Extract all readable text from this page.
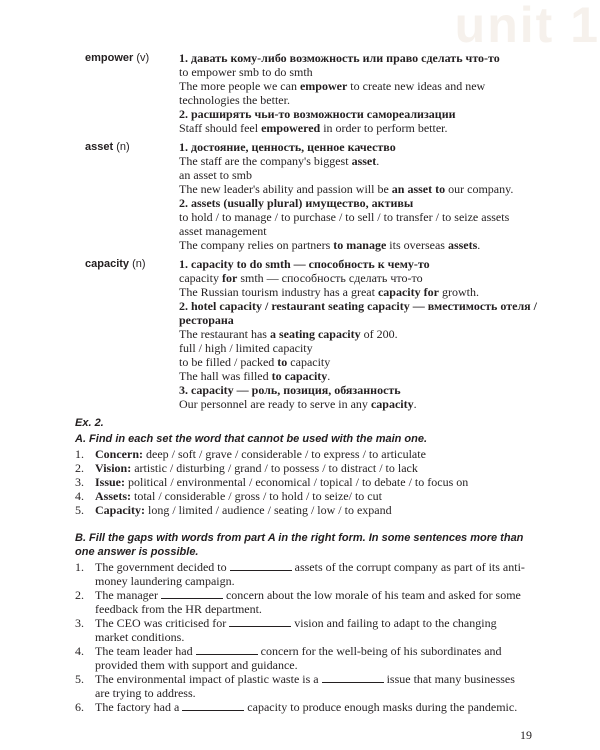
unit 1
empower (v) 1. давать кому-либо возможность или право сделать что-то
to empower smb to do smth
The more people we can empower to create new ideas and new
technologies the better.
2. расширять чьи-то возможности самореализации
Staff should feel empowered in order to perform better.
asset (n)	1. достояние, ценность, ценное качество
The staff are the company's biggest asset.
an asset to smb
The new leader's ability and passion will be an asset to our company.
2. assets (usually plural) имущество, активы
to hold / to manage / to purchase / to sell / to transfer / to seize assets
asset management
The company relies on partners to manage its overseas assets.
capacity (n)	1. capacity to do smth — способность к чему-то
capacity for smth — способность сделать что-то
The Russian tourism industry has a great capacity for growth.
2. hotel capacity / restaurant seating capacity — вместимость отеля /
ресторана
The restaurant has a seating capacity of 200.
full / high / limited capacity
to be filled / packed to capacity
The hall was filled to capacity.
3. capacity — роль, позиция, обязанность
Our personnel are ready to serve in any capacity.
Ex. 2.
A. Find in each set the word that cannot be used with the main one.
1. Concern: deep / soft / grave / considerable / to express / to articulate
2. Vision: artistic / disturbing / grand / to possess / to distract / to lack
3. Issue: political / environmental / economical / topical / to debate / to focus on
4. Assets: total / considerable / gross / to hold / to seize/ to cut
5. Capacity: long / limited / audience / seating / low / to expand
B. Fill the gaps with words from part A in the right form. In some sentences more than one answer is possible.
1. The government decided to	assets of the corrupt company as part of its anti-money laundering campaign.
2. The manager	concern about the low morale of his team and asked for some feedback from the HR department.
3. The CEO was criticised for	vision and failing to adapt to the changing market conditions.
4. The team leader had	concern for the well-being of his subordinates and provided them with support and guidance.
5. The environmental impact of plastic waste is a	issue that many businesses are trying to address.
6. The factory had a	capacity to produce enough masks during the pandemic.
19
